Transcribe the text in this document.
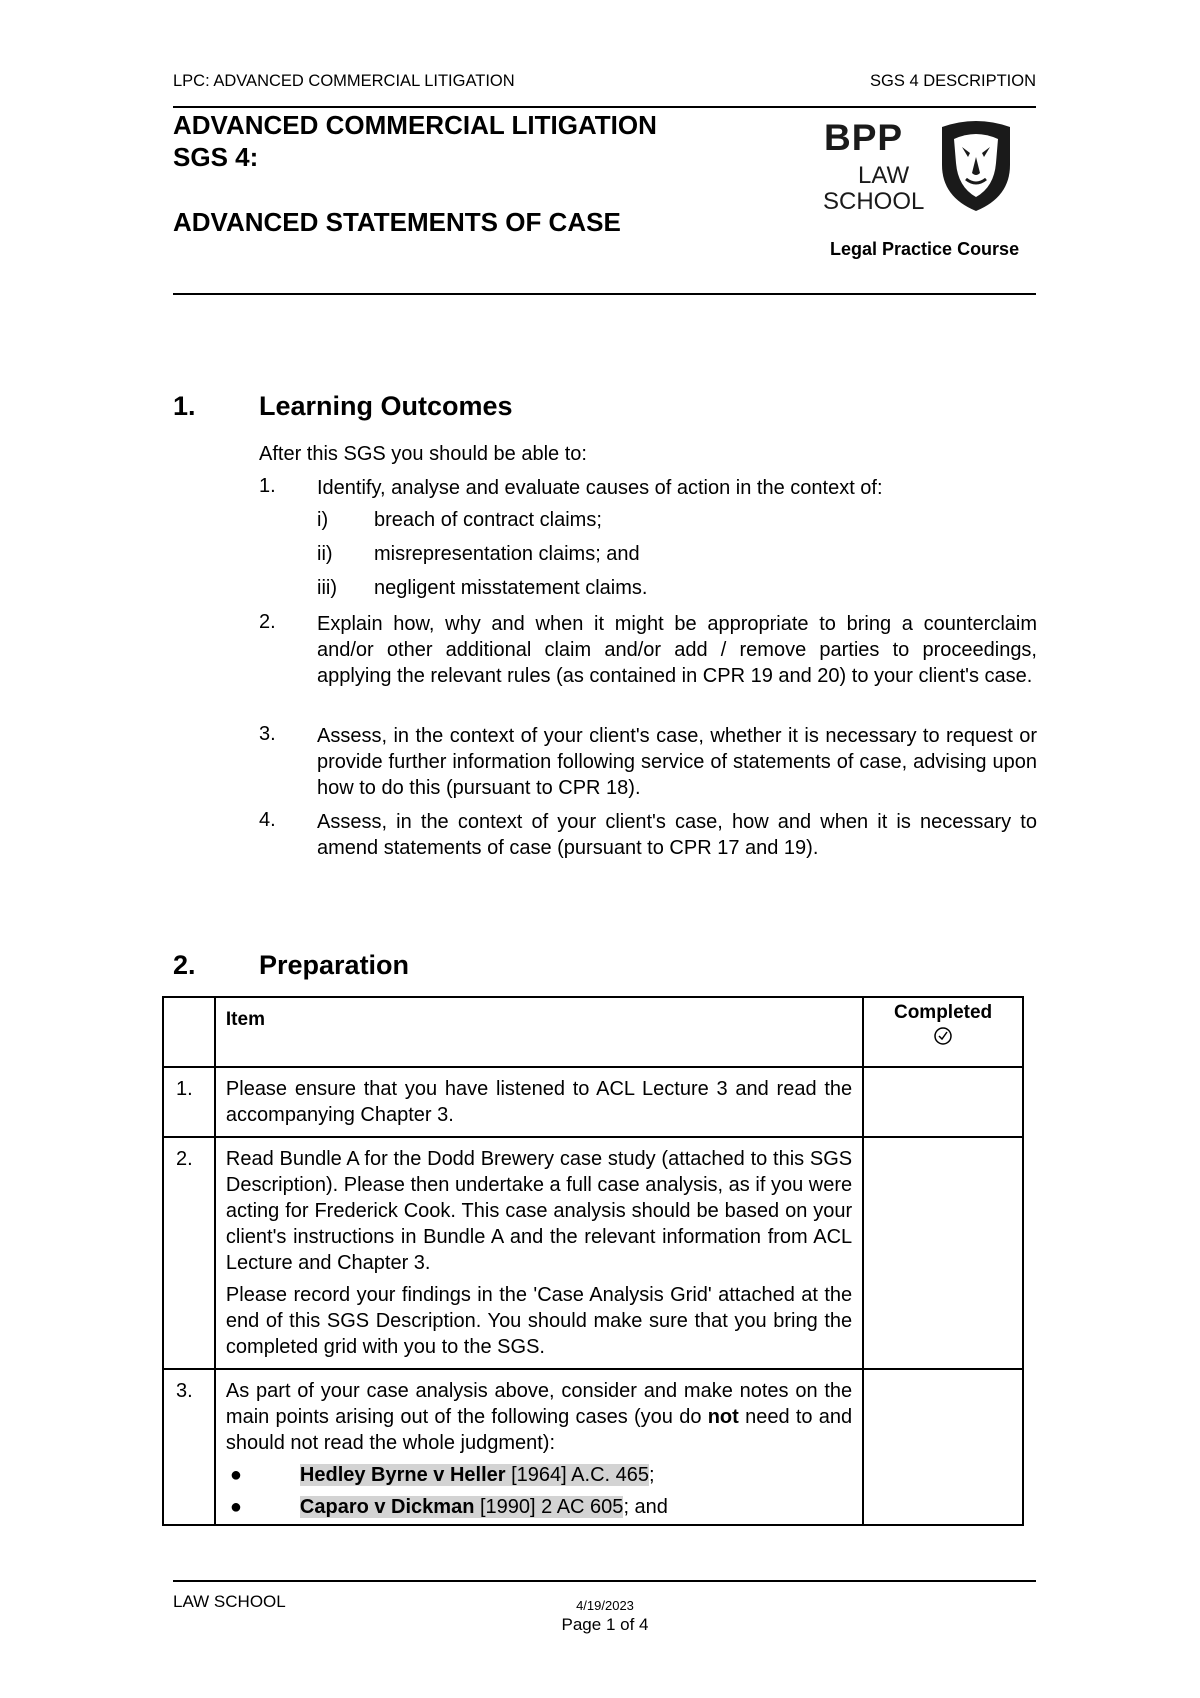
LPC: ADVANCED COMMERCIAL LITIGATION	SGS 4 DESCRIPTION
ADVANCED COMMERCIAL LITIGATION
SGS 4:
ADVANCED STATEMENTS OF CASE
BPP
LAW
SCHOOL
Legal Practice Course
1. Learning Outcomes
After this SGS you should be able to:
1. Identify, analyse and evaluate causes of action in the context of:
i) breach of contract claims;
ii) misrepresentation claims; and
iii) negligent misstatement claims.
2. Explain how, why and when it might be appropriate to bring a counterclaim and/or other additional claim and/or add / remove parties to proceedings, applying the relevant rules (as contained in CPR 19 and 20) to your client's case.
3. Assess, in the context of your client's case, whether it is necessary to request or provide further information following service of statements of case, advising upon how to do this (pursuant to CPR 18).
4. Assess, in the context of your client's case, how and when it is necessary to amend statements of case (pursuant to CPR 17 and 19).
2. Preparation
	Item	Completed

1.	Please ensure that you have listened to ACL Lecture 3 and read the accompanying Chapter 3.	
2.	Read Bundle A for the Dodd Brewery case study (attached to this SGS Description). Please then undertake a full case analysis, as if you were acting for Frederick Cook. This case analysis should be based on your client's instructions in Bundle A and the relevant information from ACL Lecture and Chapter 3.
Please record your findings in the 'Case Analysis Grid' attached at the end of this SGS Description. You should make sure that you bring the completed grid with you to the SGS.	

3.	As part of your case analysis above, consider and make notes on the main points arising out of the following cases (you do not need to and should not read the whole judgment):
● Hedley Byrne v Heller [1964] A.C. 465;
● Caparo v Dickman [1990] 2 AC 605; and	

LAW SCHOOL	4/19/2023
Page 1 of 4
